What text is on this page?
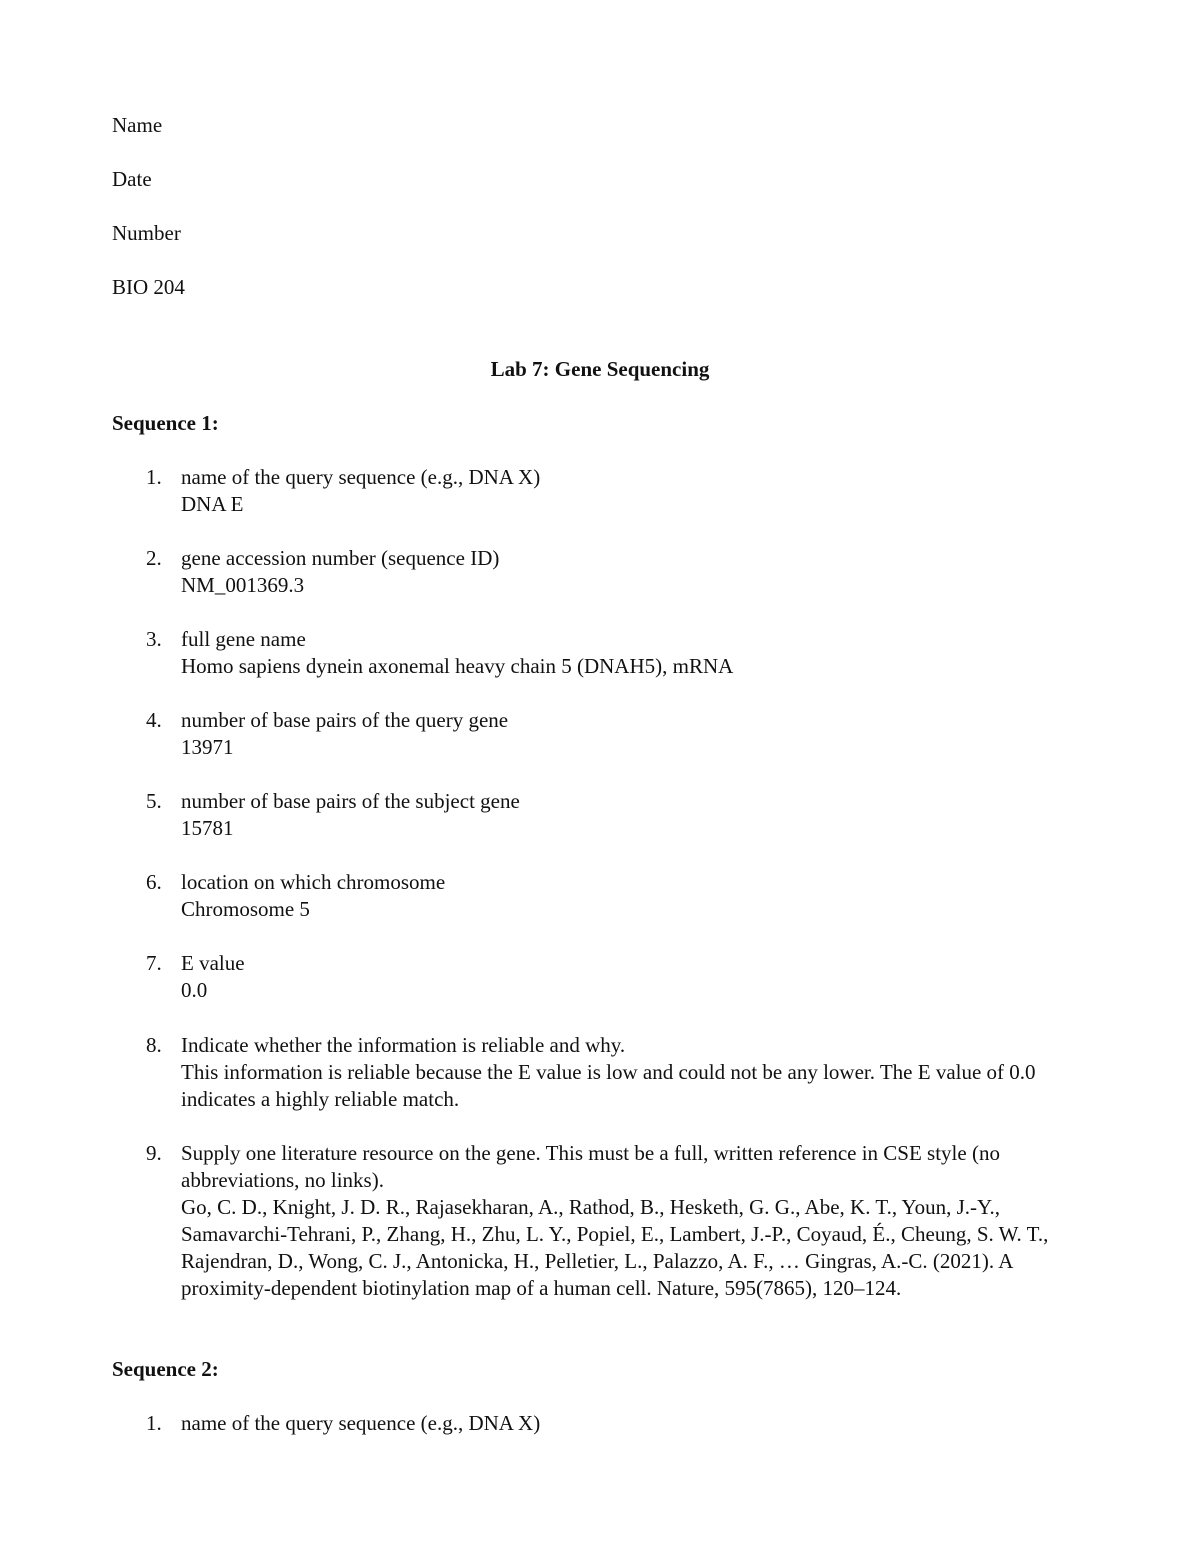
Name

Date

Number

BIO 204

Lab 7: Gene Sequencing
Sequence 1:
1. name of the query sequence (e.g., DNA X)
DNA E
2. gene accession number (sequence ID)
NM_001369.3
3. full gene name
Homo sapiens dynein axonemal heavy chain 5 (DNAH5), mRNA
4. number of base pairs of the query gene
13971
5. number of base pairs of the subject gene
15781
6. location on which chromosome
Chromosome 5
7. E value
0.0
8. Indicate whether the information is reliable and why.
This information is reliable because the E value is low and could not be any lower. The E value of 0.0 indicates a highly reliable match.
9. Supply one literature resource on the gene. This must be a full, written reference in CSE style (no abbreviations, no links).
Go, C. D., Knight, J. D. R., Rajasekharan, A., Rathod, B., Hesketh, G. G., Abe, K. T., Youn, J.-Y., Samavarchi-Tehrani, P., Zhang, H., Zhu, L. Y., Popiel, E., Lambert, J.-P., Coyaud, É., Cheung, S. W. T., Rajendran, D., Wong, C. J., Antonicka, H., Pelletier, L., Palazzo, A. F., … Gingras, A.-C. (2021). A proximity-dependent biotinylation map of a human cell. Nature, 595(7865), 120–124.
Sequence 2:
1. name of the query sequence (e.g., DNA X)
